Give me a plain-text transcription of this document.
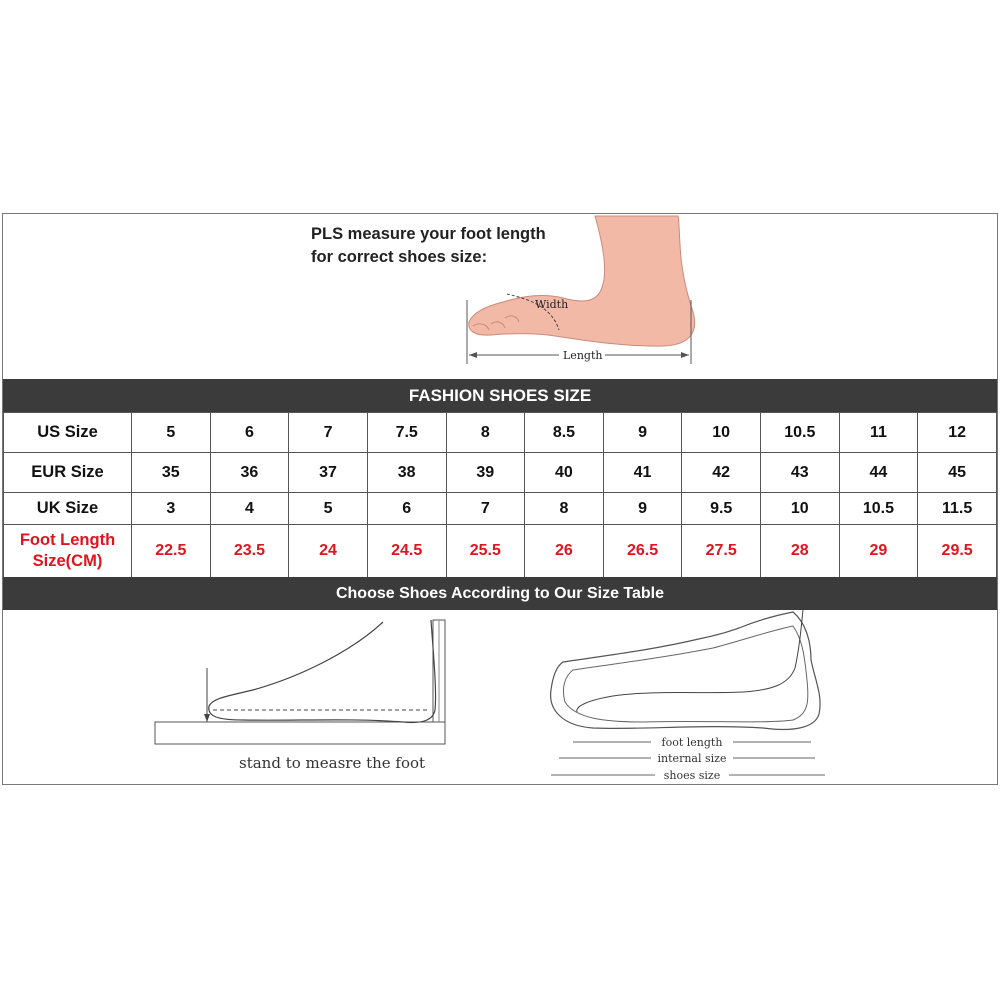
PLS measure your foot length
for correct shoes size:
Width
Length
FASHION SHOES SIZE
US Size	5	6	7	7.5	8	8.5	9	10	10.5	11	12
EUR Size	35	36	37	38	39	40	41	42	43	44	45
UK Size	3	4	5	6	7	8	9	9.5	10	10.5	11.5

Foot Length
Size(CM)	22.5	23.5	24	24.5	25.5	26	26.5	27.5	28	29	29.5
Choose Shoes According to Our Size Table
stand to measre the foot
foot length
internal size
shoes size
